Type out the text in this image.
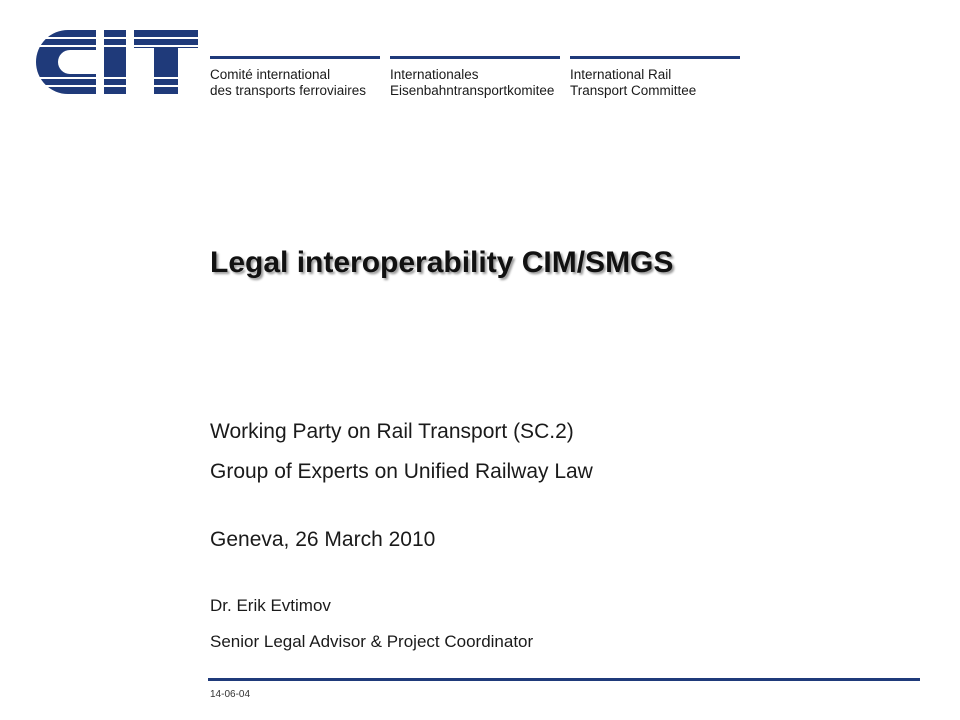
Comité international
des transports ferroviaires
Internationales
Eisenbahntransportkomitee
International Rail
Transport Committee
Legal interoperability CIM/SMGS
Working Party on Rail Transport (SC.2)
Group of Experts on Unified Railway Law
Geneva, 26 March 2010
Dr. Erik Evtimov
Senior Legal Advisor & Project Coordinator
14-06-04
